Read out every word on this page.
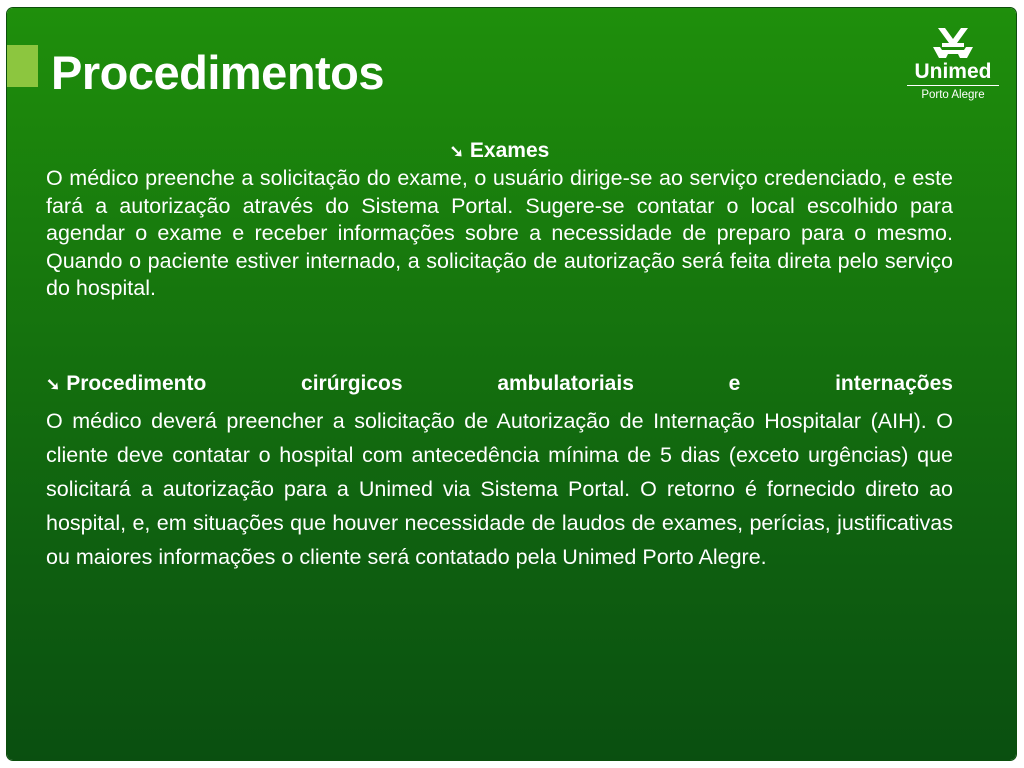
Procedimentos	Unimed
Porto Alegre
➘ Exames

O médico preenche a solicitação do exame, o usuário dirige-se ao serviço credenciado, e este fará a autorização através do Sistema Portal. Sugere-se contatar o local escolhido para agendar o exame e receber informações sobre a necessidade de preparo para o mesmo. Quando o paciente estiver internado, a solicitação de autorização será feita direta pelo serviço do hospital.

➘ Procedimento	cirúrgicos	ambulatoriais	e	internações

O médico deverá preencher a solicitação de Autorização de Internação Hospitalar (AIH). O cliente deve contatar o hospital com antecedência mínima de 5 dias (exceto urgências) que solicitará a autorização para a Unimed via Sistema Portal. O retorno é fornecido direto ao hospital, e, em situações que houver necessidade de laudos de exames, perícias, justificativas ou maiores informações o cliente será contatado pela Unimed Porto Alegre.
